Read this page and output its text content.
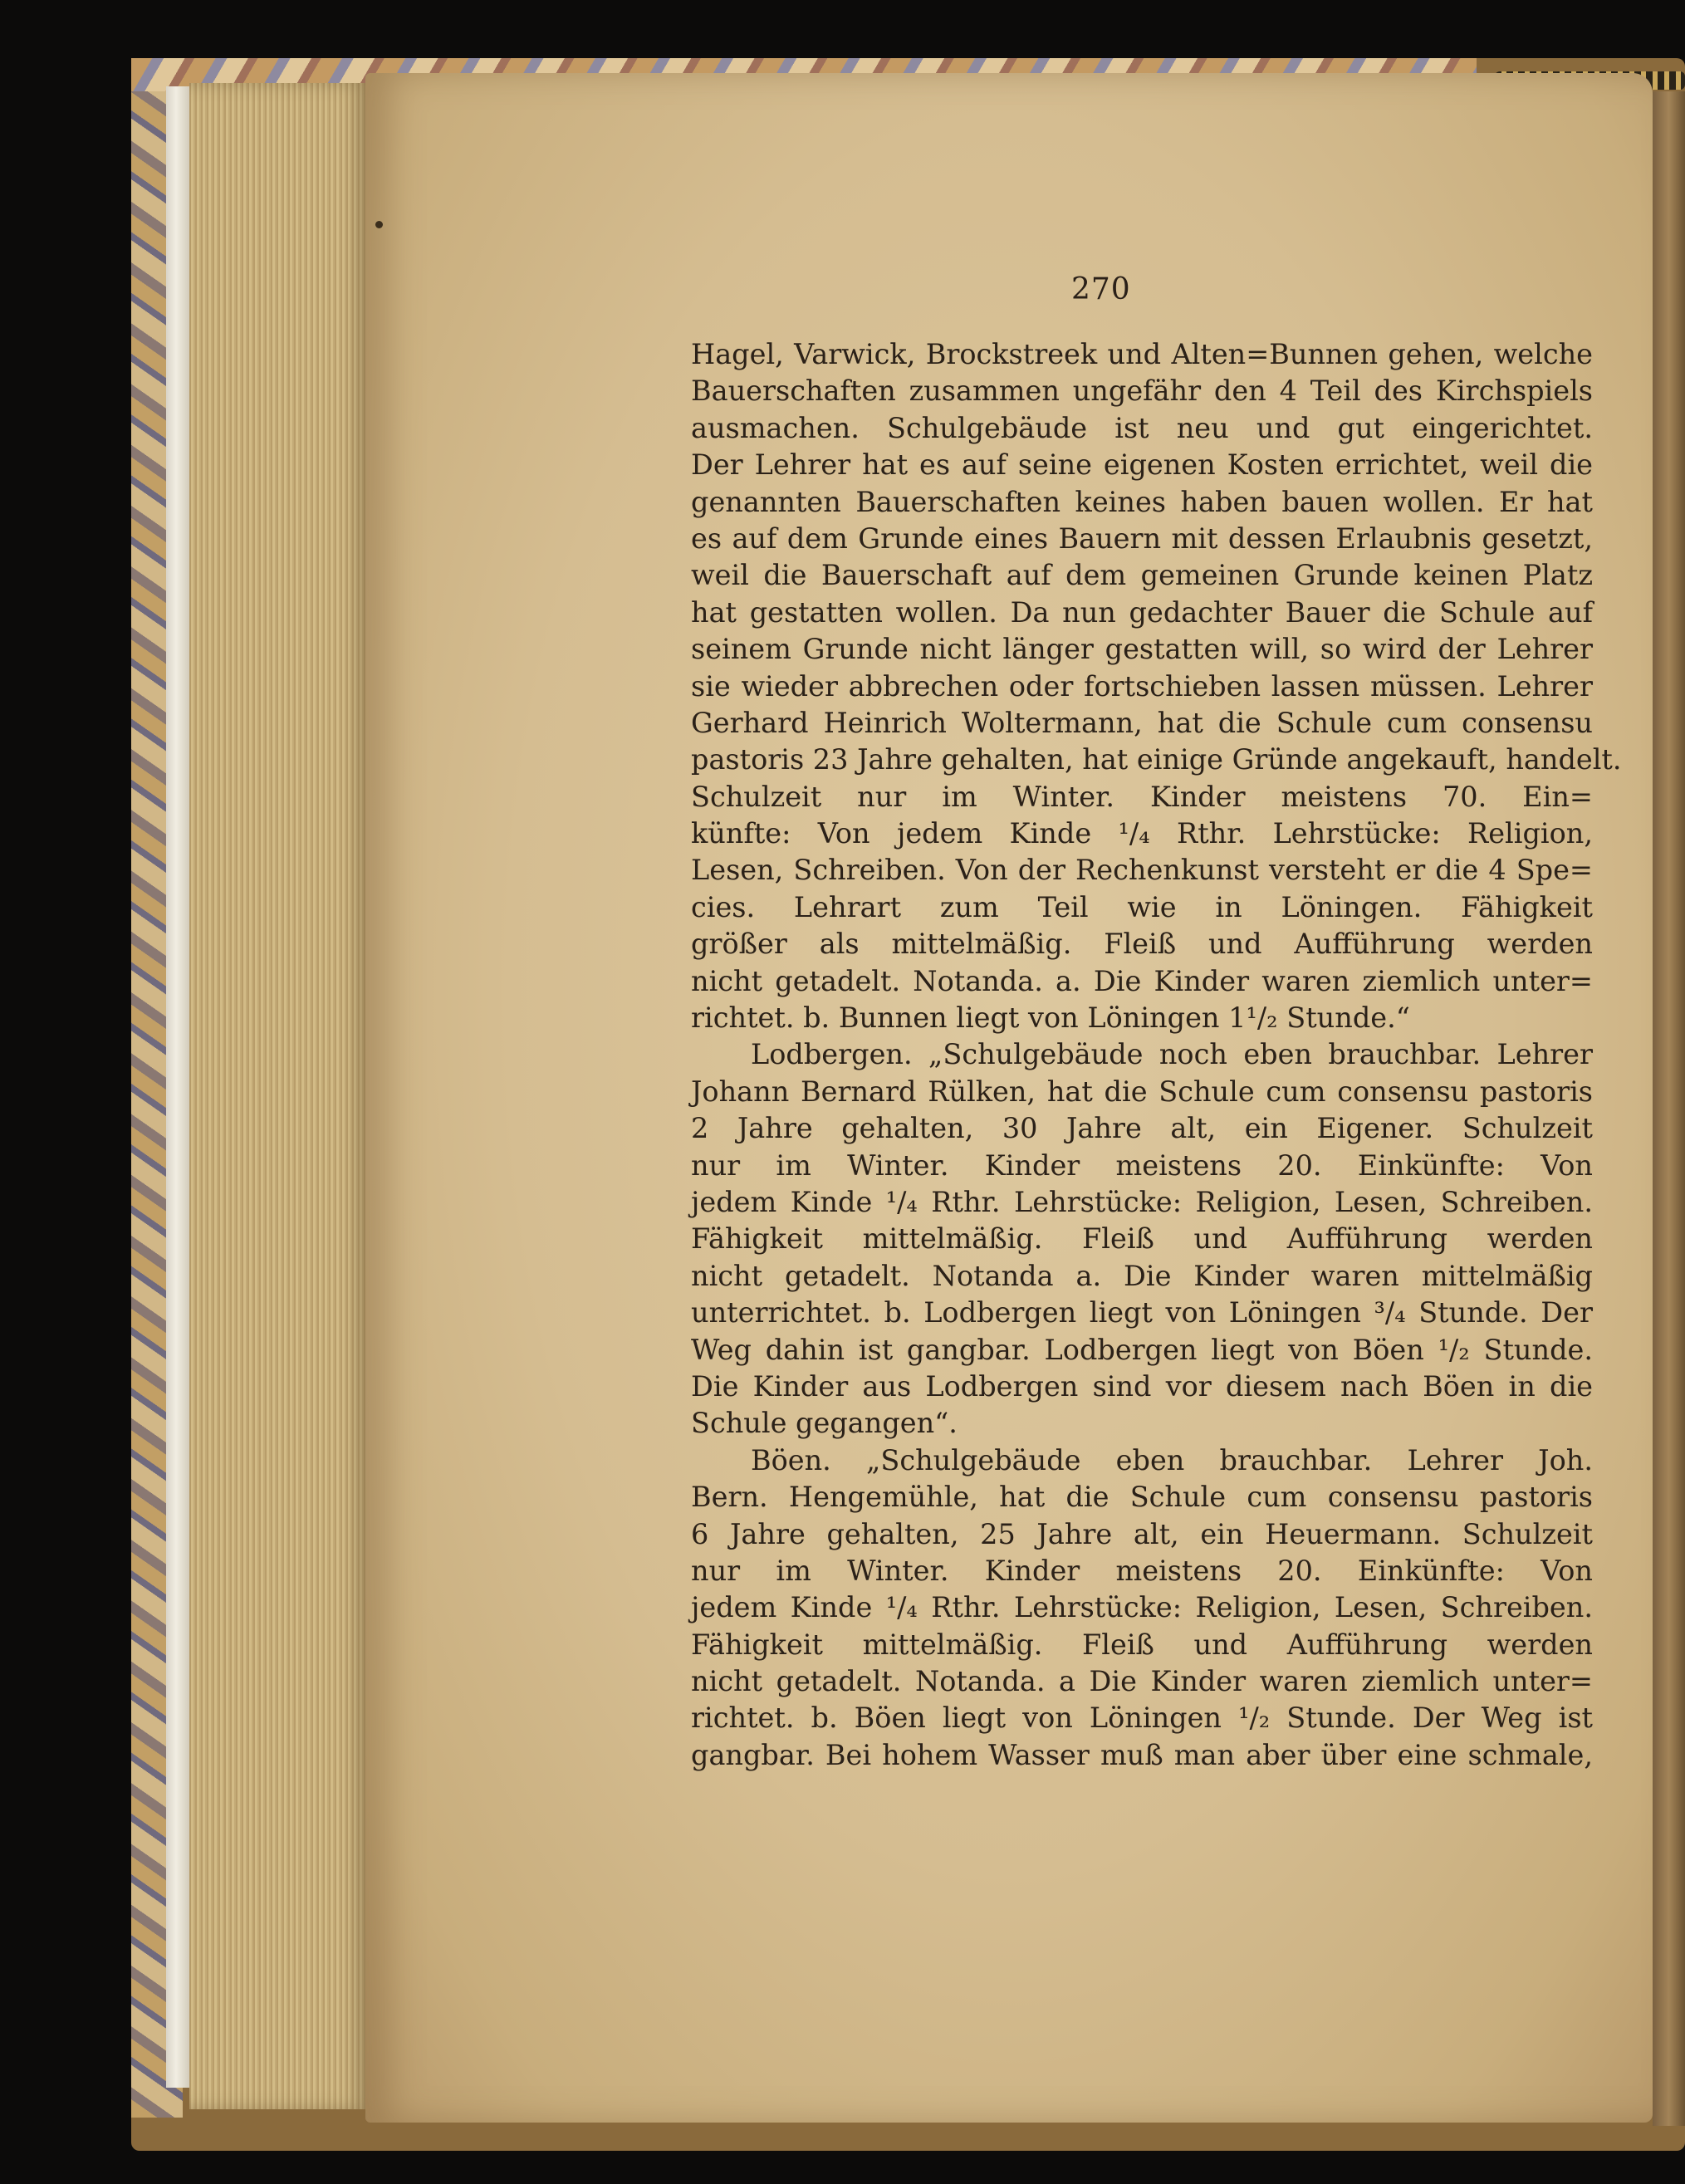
270
Hagel, Varwick, Brockstreek und Alten=Bunnen gehen, welche
Bauerschaften zusammen ungefähr den 4 Teil des Kirchspiels
ausmachen. Schulgebäude ist neu und gut eingerichtet.
Der Lehrer hat es auf seine eigenen Kosten errichtet, weil die
genannten Bauerschaften keines haben bauen wollen. Er hat
es auf dem Grunde eines Bauern mit dessen Erlaubnis gesetzt,
weil die Bauerschaft auf dem gemeinen Grunde keinen Platz
hat gestatten wollen. Da nun gedachter Bauer die Schule auf
seinem Grunde nicht länger gestatten will, so wird der Lehrer
sie wieder abbrechen oder fortschieben lassen müssen. Lehrer
Gerhard Heinrich Woltermann, hat die Schule cum consensu
pastoris 23 Jahre gehalten, hat einige Gründe angekauft, handelt.
Schulzeit nur im Winter. Kinder meistens 70. Ein=
künfte: Von jedem Kinde ¹/₄ Rthr. Lehrstücke: Religion,
Lesen, Schreiben. Von der Rechenkunst versteht er die 4 Spe=
cies. Lehrart zum Teil wie in Löningen. Fähigkeit
größer als mittelmäßig. Fleiß und Aufführung werden
nicht getadelt. Notanda. a. Die Kinder waren ziemlich unter=
richtet. b. Bunnen liegt von Löningen 1¹/₂ Stunde.“
Lodbergen. „Schulgebäude noch eben brauchbar. Lehrer
Johann Bernard Rülken, hat die Schule cum consensu pastoris
2 Jahre gehalten, 30 Jahre alt, ein Eigener. Schulzeit
nur im Winter. Kinder meistens 20. Einkünfte: Von
jedem Kinde ¹/₄ Rthr. Lehrstücke: Religion, Lesen, Schreiben.
Fähigkeit mittelmäßig. Fleiß und Aufführung werden
nicht getadelt. Notanda a. Die Kinder waren mittelmäßig
unterrichtet. b. Lodbergen liegt von Löningen ³/₄ Stunde. Der
Weg dahin ist gangbar. Lodbergen liegt von Böen ¹/₂ Stunde.
Die Kinder aus Lodbergen sind vor diesem nach Böen in die
Schule gegangen“.
Böen. „Schulgebäude eben brauchbar. Lehrer Joh.
Bern. Hengemühle, hat die Schule cum consensu pastoris
6 Jahre gehalten, 25 Jahre alt, ein Heuermann. Schulzeit
nur im Winter. Kinder meistens 20. Einkünfte: Von
jedem Kinde ¹/₄ Rthr. Lehrstücke: Religion, Lesen, Schreiben.
Fähigkeit mittelmäßig. Fleiß und Aufführung werden
nicht getadelt. Notanda. a Die Kinder waren ziemlich unter=
richtet. b. Böen liegt von Löningen ¹/₂ Stunde. Der Weg ist
gangbar. Bei hohem Wasser muß man aber über eine schmale,
